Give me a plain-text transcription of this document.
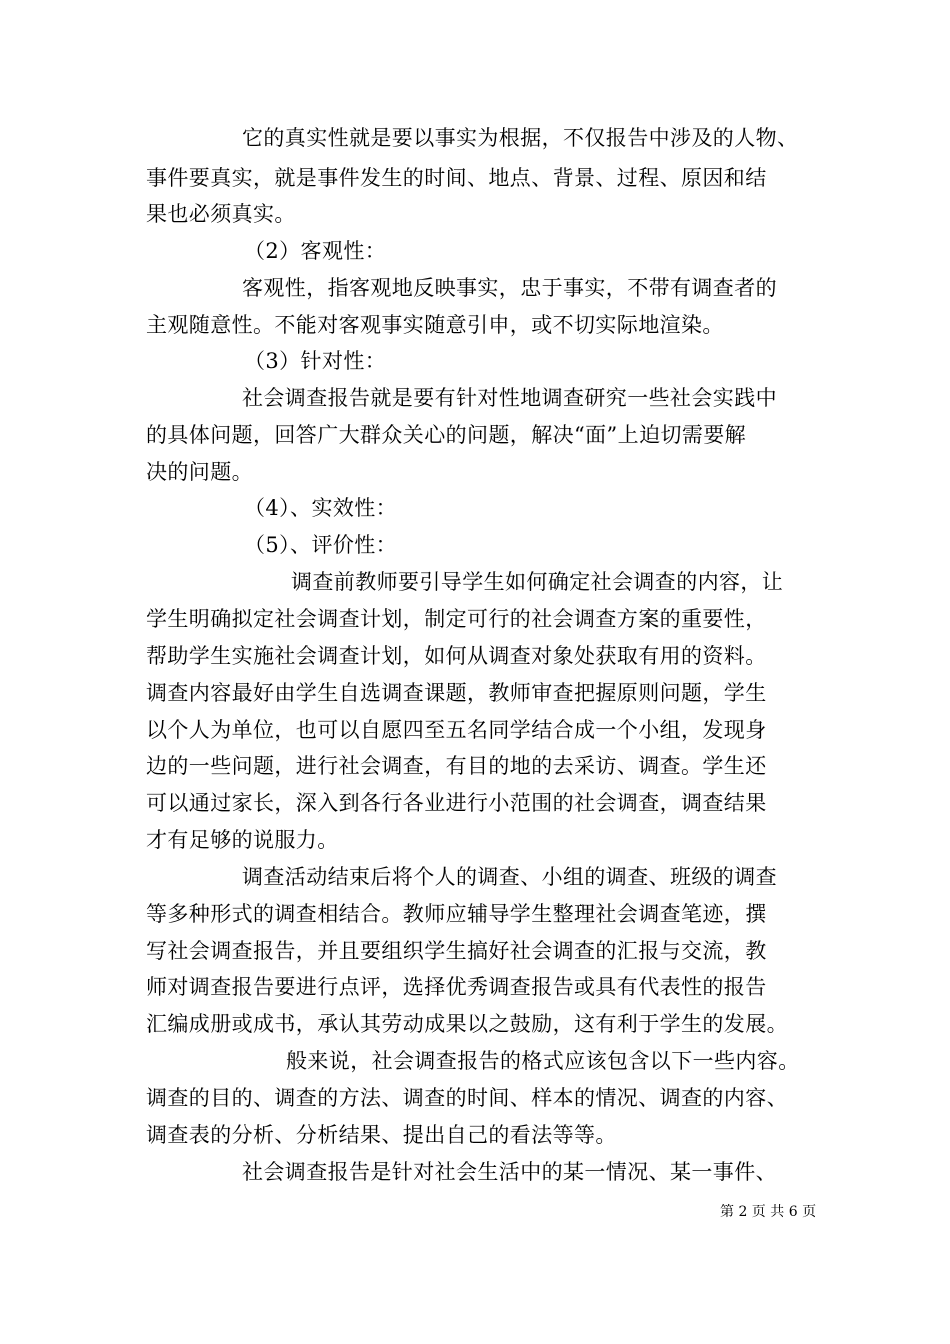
它的真实性就是要以事实为根据，不仅报告中涉及的人物、
事件要真实，就是事件发生的时间、地点、背景、过程、原因和结
果也必须真实。
（2）客观性：
客观性，指客观地反映事实，忠于事实，不带有调查者的
主观随意性。不能对客观事实随意引申，或不切实际地渲染。
（3）针对性：
社会调查报告就是要有针对性地调查研究一些社会实践中
的具体问题，回答广大群众关心的问题，解决“面”上迫切需要解
决的问题。
（4）、实效性：
（5）、评价性：
调查前教师要引导学生如何确定社会调查的内容，让
学生明确拟定社会调查计划，制定可行的社会调查方案的重要性，
帮助学生实施社会调查计划，如何从调查对象处获取有用的资料。
调查内容最好由学生自选调查课题，教师审查把握原则问题，学生
以个人为单位，也可以自愿四至五名同学结合成一个小组，发现身
边的一些问题，进行社会调查，有目的地的去采访、调查。学生还
可以通过家长，深入到各行各业进行小范围的社会调查，调查结果
才有足够的说服力。
调查活动结束后将个人的调查、小组的调查、班级的调查
等多种形式的调查相结合。教师应辅导学生整理社会调查笔迹，撰
写社会调查报告，并且要组织学生搞好社会调查的汇报与交流，教
师对调查报告要进行点评，选择优秀调查报告或具有代表性的报告
汇编成册或成书，承认其劳动成果以之鼓励，这有利于学生的发展。
般来说，社会调查报告的格式应该包含以下一些内容。
调查的目的、调查的方法、调查的时间、样本的情况、调查的内容、
调查表的分析、分析结果、提出自己的看法等等。
社会调查报告是针对社会生活中的某一情况、某一事件、
第 2 页 共 6 页
